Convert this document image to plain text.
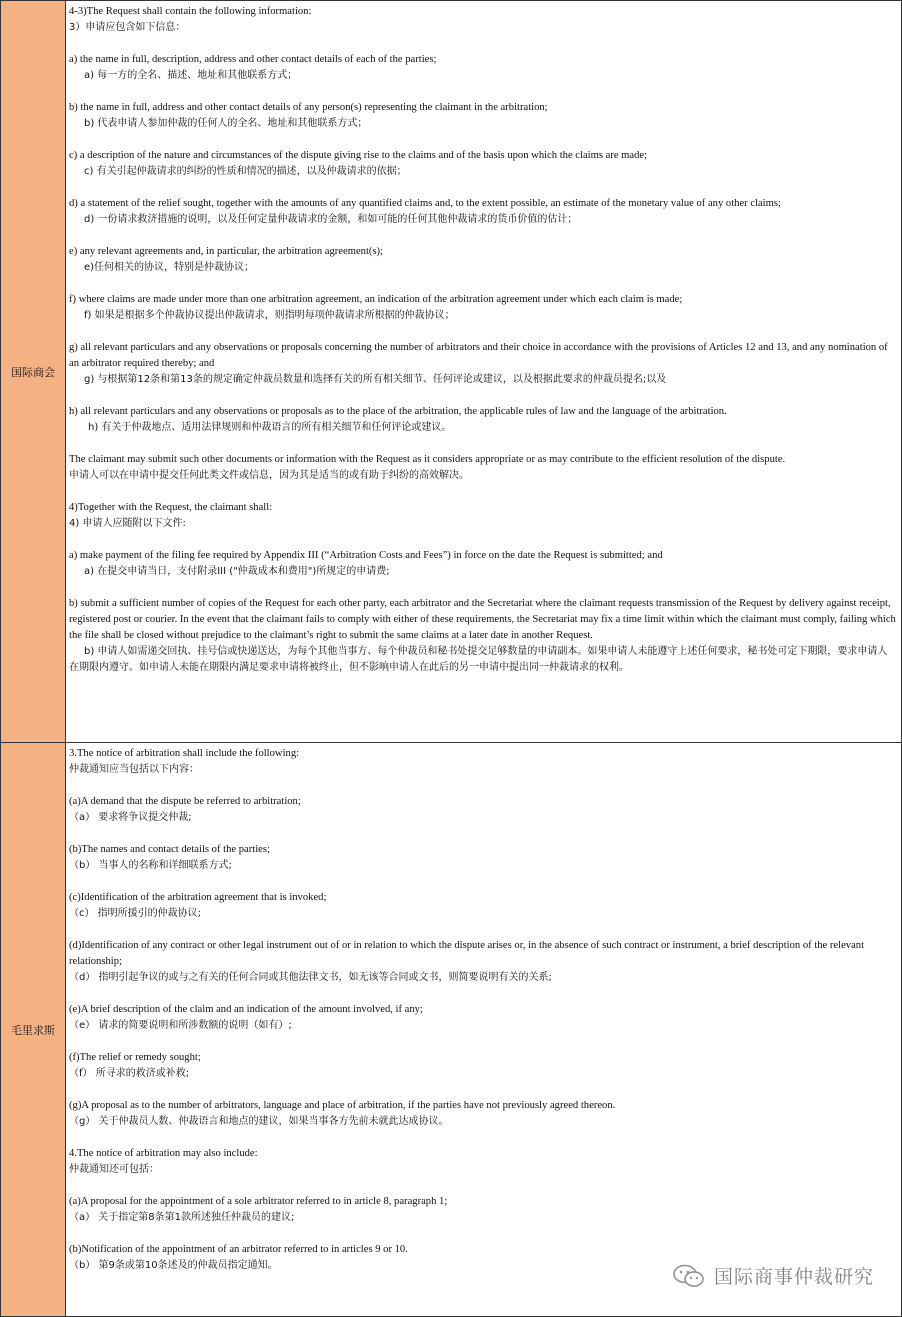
国际商会
4-3)The Request shall contain the following information:
3）申请应包含如下信息：
a) the name in full, description, address and other contact details of each of the parties;
a) 每一方的全名、描述、地址和其他联系方式；
b) the name in full, address and other contact details of any person(s) representing the claimant in the arbitration;
b) 代表申请人参加仲裁的任何人的全名、地址和其他联系方式；
c) a description of the nature and circumstances of the dispute giving rise to the claims and of the basis upon which the claims are made;
c) 有关引起仲裁请求的纠纷的性质和情况的描述，以及仲裁请求的依据；
d) a statement of the relief sought, together with the amounts of any quantified claims and, to the extent possible, an estimate of the monetary value of any other claims;
d) 一份请求救济措施的说明，以及任何定量仲裁请求的金额，和如可能的任何其他仲裁请求的货币价值的估计；
e) any relevant agreements and, in particular, the arbitration agreement(s);
e)任何相关的协议，特别是仲裁协议；
f) where claims are made under more than one arbitration agreement, an indication of the arbitration agreement under which each claim is made;
f) 如果是根据多个仲裁协议提出仲裁请求，则指明每项仲裁请求所根据的仲裁协议；
g) all relevant particulars and any observations or proposals concerning the number of arbitrators and their choice in accordance with the provisions of Articles 12 and 13, and any nomination of an arbitrator required thereby; and
g) 与根据第12条和第13条的规定确定仲裁员数量和选择有关的所有相关细节、任何评论或建议，以及根据此要求的仲裁员提名;以及
h) all relevant particulars and any observations or proposals as to the place of the arbitration, the applicable rules of law and the language of the arbitration.
h) 有关于仲裁地点、适用法律规则和仲裁语言的所有相关细节和任何评论或建议。
The claimant may submit such other documents or information with the Request as it considers appropriate or as may contribute to the efficient resolution of the dispute.
申请人可以在申请中提交任何此类文件或信息，因为其是适当的或有助于纠纷的高效解决。
4)Together with the Request, the claimant shall:
4) 申请人应随附以下文件:
a) make payment of the filing fee required by Appendix III (“Arbitration Costs and Fees”) in force on the date the Request is submitted; and
a) 在提交申请当日，支付附录III ("仲裁成本和费用")所规定的申请费;
b) submit a sufficient number of copies of the Request for each other party, each arbitrator and the Secretariat where the claimant requests transmission of the Request by delivery against receipt, registered post or courier. In the event that the claimant fails to comply with either of these requirements, the Secretariat may fix a time limit within which the claimant must comply, failing which the file shall be closed without prejudice to the claimant’s right to submit the same claims at a later date in another Request.
b) 申请人如需递交回执、挂号信或快递送达，为每个其他当事方、每个仲裁员和秘书处提交足够数量的申请副本。如果申请人未能遵守上述任何要求，秘书处可定下期限，要求申请人在期限内遵守。如申请人未能在期限内满足要求申请将被终止，但不影响申请人在此后的另一申请中提出同一仲裁请求的权利。
毛里求斯
3.The notice of arbitration shall include the following:
仲裁通知应当包括以下内容：
(a)A demand that the dispute be referred to arbitration;
（a） 要求将争议提交仲裁;
(b)The names and contact details of the parties;
（b） 当事人的名称和详细联系方式;
(c)Identification of the arbitration agreement that is invoked;
（c） 指明所援引的仲裁协议;
(d)Identification of any contract or other legal instrument out of or in relation to which the dispute arises or, in the absence of such contract or instrument, a brief description of the relevant relationship;
（d） 指明引起争议的或与之有关的任何合同或其他法律文书，如无该等合同或文书，则简要说明有关的关系;
(e)A brief description of the claim and an indication of the amount involved, if any;
（e） 请求的简要说明和所涉数额的说明（如有）;
(f)The relief or remedy sought;
（f） 所寻求的救济或补救;
(g)A proposal as to the number of arbitrators, language and place of arbitration, if the parties have not previously agreed thereon.
（g） 关于仲裁员人数、仲裁语言和地点的建议，如果当事各方先前未就此达成协议。
4.The notice of arbitration may also include:
仲裁通知还可包括：
(a)A proposal for the appointment of a sole arbitrator referred to in article 8, paragraph 1;
（a） 关于指定第8条第1款所述独任仲裁员的建议;
(b)Notification of the appointment of an arbitrator referred to in articles 9 or 10.
（b） 第9条或第10条述及的仲裁员指定通知。
国际商事仲裁研究
